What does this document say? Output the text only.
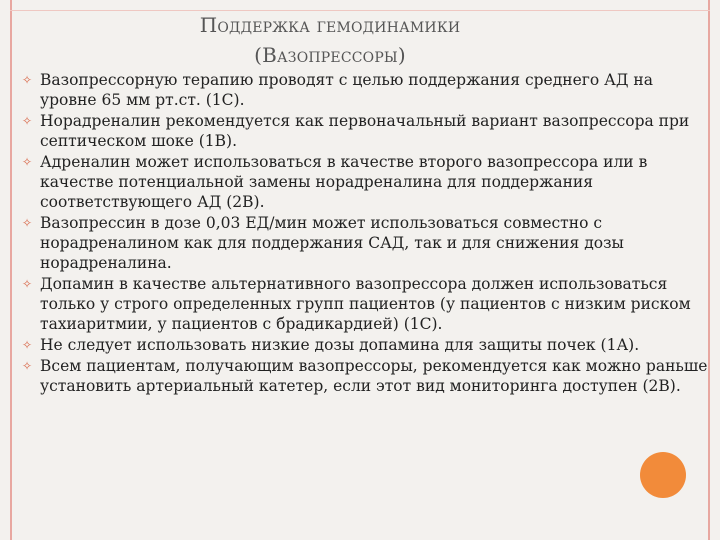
Поддержка гемодинамики
(Вазопрессоры)
✧ Вазопрессорную терапию проводят с целью поддержания среднего АД на уровне 65 мм рт.ст. (1С).
✧ Норадреналин рекомендуется как первоначальный вариант вазопрессора при септическом шоке (1В).
✧ Адреналин может использоваться в качестве второго вазопрессора или в качестве потенциальной замены норадреналина для поддержания соответствующего АД (2В).
✧ Вазопрессин в дозе 0,03 ЕД/мин может использоваться совместно с норадреналином как для поддержания САД, так и для снижения дозы норадреналина.
✧ Допамин в качестве альтернативного вазопрессора должен использоваться только у строго определенных групп пациентов (у пациентов с низким риском тахиаритмии, у пациентов с брадикардией) (1С).
✧ Не следует использовать низкие дозы допамина для защиты почек (1А).
✧ Всем пациентам, получающим вазопрессоры, рекомендуется как можно раньше установить артериальный катетер, если этот вид мониторинга доступен (2В).
